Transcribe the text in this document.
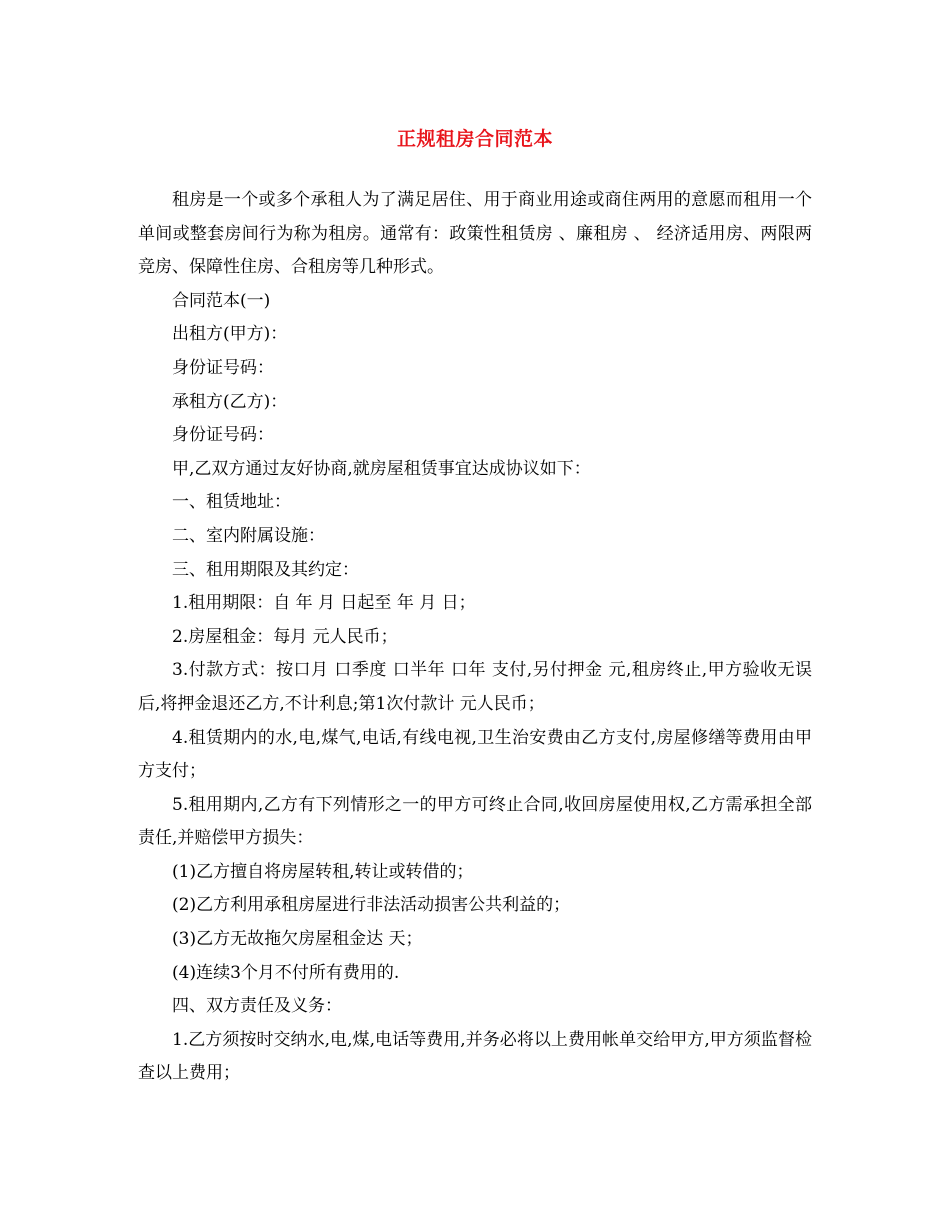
正规租房合同范本

租房是一个或多个承租人为了满足居住、用于商业用途或商住两用的意愿而租用一个单间或整套房间行为称为租房。通常有：政策性租赁房 、廉租房 、 经济适用房、两限两竞房、保障性住房、合租房等几种形式。

合同范本(一)

出租方(甲方)：

身份证号码：

承租方(乙方)：

身份证号码：

甲,乙双方通过友好协商,就房屋租赁事宜达成协议如下：

一、租赁地址：

二、室内附属设施：

三、租用期限及其约定：

1.租用期限：自 年 月 日起至 年 月 日；

2.房屋租金：每月 元人民币；

3.付款方式：按口月 口季度 口半年 口年 支付,另付押金 元,租房终止,甲方验收无误后,将押金退还乙方,不计利息;第1次付款计 元人民币；

4.租赁期内的水,电,煤气,电话,有线电视,卫生治安费由乙方支付,房屋修缮等费用由甲方支付；

5.租用期内,乙方有下列情形之一的甲方可终止合同,收回房屋使用权,乙方需承担全部责任,并赔偿甲方损失：

(1)乙方擅自将房屋转租,转让或转借的；

(2)乙方利用承租房屋进行非法活动损害公共利益的；

(3)乙方无故拖欠房屋租金达 天；

(4)连续3个月不付所有费用的.

四、双方责任及义务：

1.乙方须按时交纳水,电,煤,电话等费用,并务必将以上费用帐单交给甲方,甲方须监督检查以上费用；
